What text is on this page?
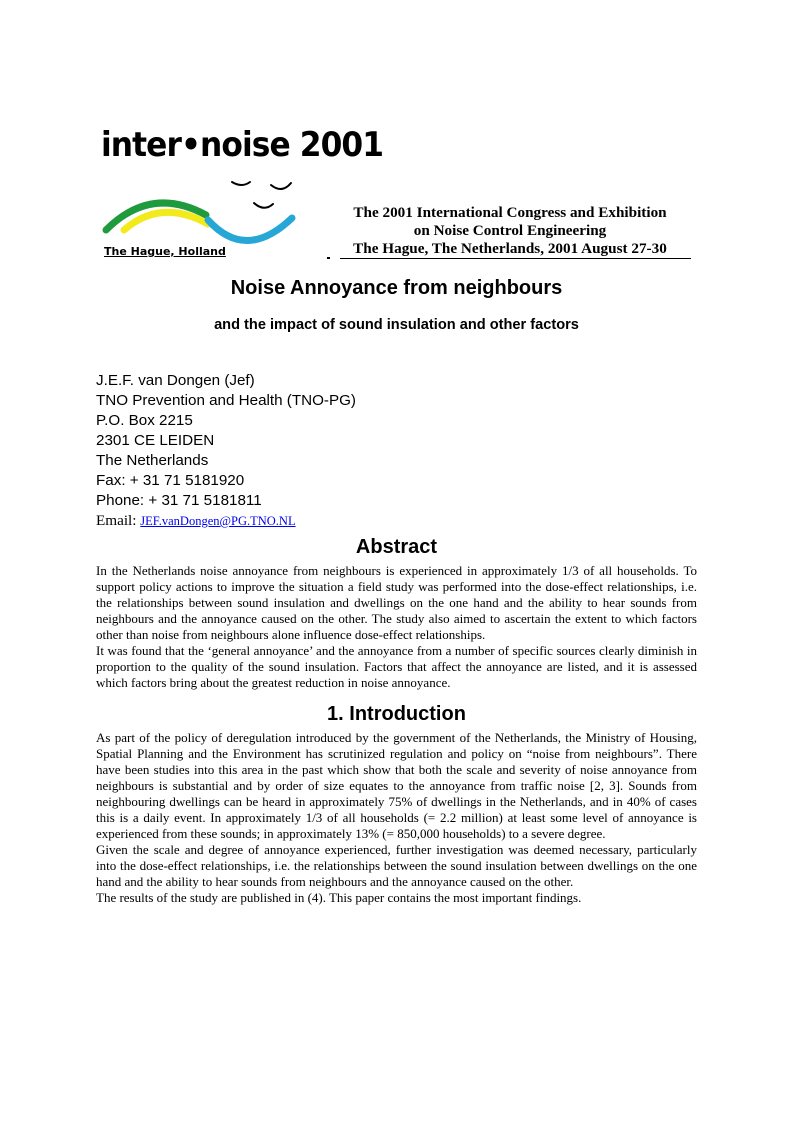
inter•noise 2001
The Hague, Holland
The 2001 International Congress and Exhibition
on Noise Control Engineering
The Hague, The Netherlands, 2001 August 27-30
Noise Annoyance from neighbours
and the impact of sound insulation and other factors
J.E.F. van Dongen (Jef)
TNO Prevention and Health (TNO-PG)
P.O. Box 2215
2301 CE LEIDEN
The Netherlands
Fax: + 31 71 5181920
Phone: + 31 71 5181811
Email: JEF.vanDongen@PG.TNO.NL
Abstract

In the Netherlands noise annoyance from neighbours is experienced in approximately 1/3 of all households. To support policy actions to improve the situation a field study was performed into the dose-effect relationships, i.e. the relationships between sound insulation and dwellings on the one hand and the ability to hear sounds from neighbours and the annoyance caused on the other. The study also aimed to ascertain the extent to which factors other than noise from neighbours alone influence dose-effect relationships.

It was found that the ‘general annoyance’ and the annoyance from a number of specific sources clearly diminish in proportion to the quality of the sound insulation. Factors that affect the annoyance are listed, and it is assessed which factors bring about the greatest reduction in noise annoyance.

1. Introduction

As part of the policy of deregulation introduced by the government of the Netherlands, the Ministry of Housing, Spatial Planning and the Environment has scrutinized regulation and policy on “noise from neighbours”. There have been studies into this area in the past which show that both the scale and severity of noise annoyance from neighbours is substantial and by order of size equates to the annoyance from traffic noise [2, 3]. Sounds from neighbouring dwellings can be heard in approximately 75% of dwellings in the Netherlands, and in 40% of cases this is a daily event. In approximately 1/3 of all households (= 2.2 million) at least some level of annoyance is experienced from these sounds; in approximately 13% (= 850,000 households) to a severe degree.

Given the scale and degree of annoyance experienced, further investigation was deemed necessary, particularly into the dose-effect relationships, i.e. the relationships between the sound insulation between dwellings on the one hand and the ability to hear sounds from neighbours and the annoyance caused on the other.

The results of the study are published in (4). This paper contains the most important findings.
